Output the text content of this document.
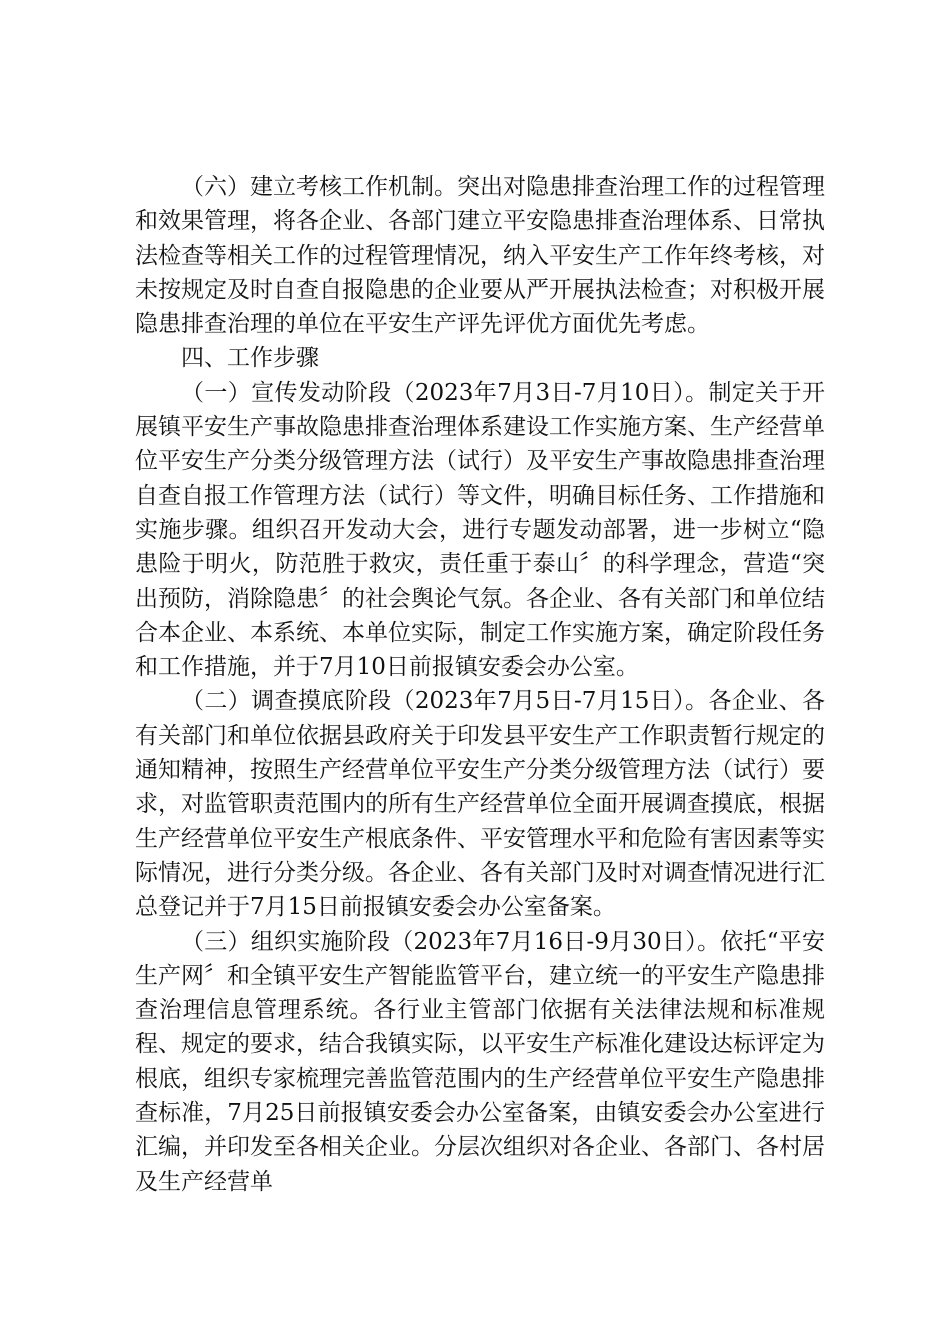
（六）建立考核工作机制。突出对隐患排查治理工作的过程管理和效果管理，将各企业、各部门建立平安隐患排查治理体系、日常执法检查等相关工作的过程管理情况，纳入平安生产工作年终考核，对未按规定及时自查自报隐患的企业要从严开展执法检查；对积极开展隐患排查治理的单位在平安生产评先评优方面优先考虑。

四、工作步骤

（一）宣传发动阶段（2023年7月3日-7月10日）。制定关于开展镇平安生产事故隐患排查治理体系建设工作实施方案、生产经营单位平安生产分类分级管理方法（试行）及平安生产事故隐患排查治理自查自报工作管理方法（试行）等文件，明确目标任务、工作措施和实施步骤。组织召开发动大会，进行专题发动部署，进一步树立“隐患险于明火，防范胜于救灾，责任重于泰山〞的科学理念，营造“突出预防，消除隐患〞的社会舆论气氛。各企业、各有关部门和单位结合本企业、本系统、本单位实际，制定工作实施方案，确定阶段任务和工作措施，并于7月10日前报镇安委会办公室。

（二）调查摸底阶段（2023年7月5日-7月15日）。各企业、各有关部门和单位依据县政府关于印发县平安生产工作职责暂行规定的通知精神，按照生产经营单位平安生产分类分级管理方法（试行）要求，对监管职责范围内的所有生产经营单位全面开展调查摸底，根据生产经营单位平安生产根底条件、平安管理水平和危险有害因素等实际情况，进行分类分级。各企业、各有关部门及时对调查情况进行汇总登记并于7月15日前报镇安委会办公室备案。

（三）组织实施阶段（2023年7月16日-9月30日）。依托“平安生产网〞和全镇平安生产智能监管平台，建立统一的平安生产隐患排查治理信息管理系统。各行业主管部门依据有关法律法规和标准规程、规定的要求，结合我镇实际，以平安生产标准化建设达标评定为根底，组织专家梳理完善监管范围内的生产经营单位平安生产隐患排查标准，7月25日前报镇安委会办公室备案，由镇安委会办公室进行汇编，并印发至各相关企业。分层次组织对各企业、各部门、各村居及生产经营单
